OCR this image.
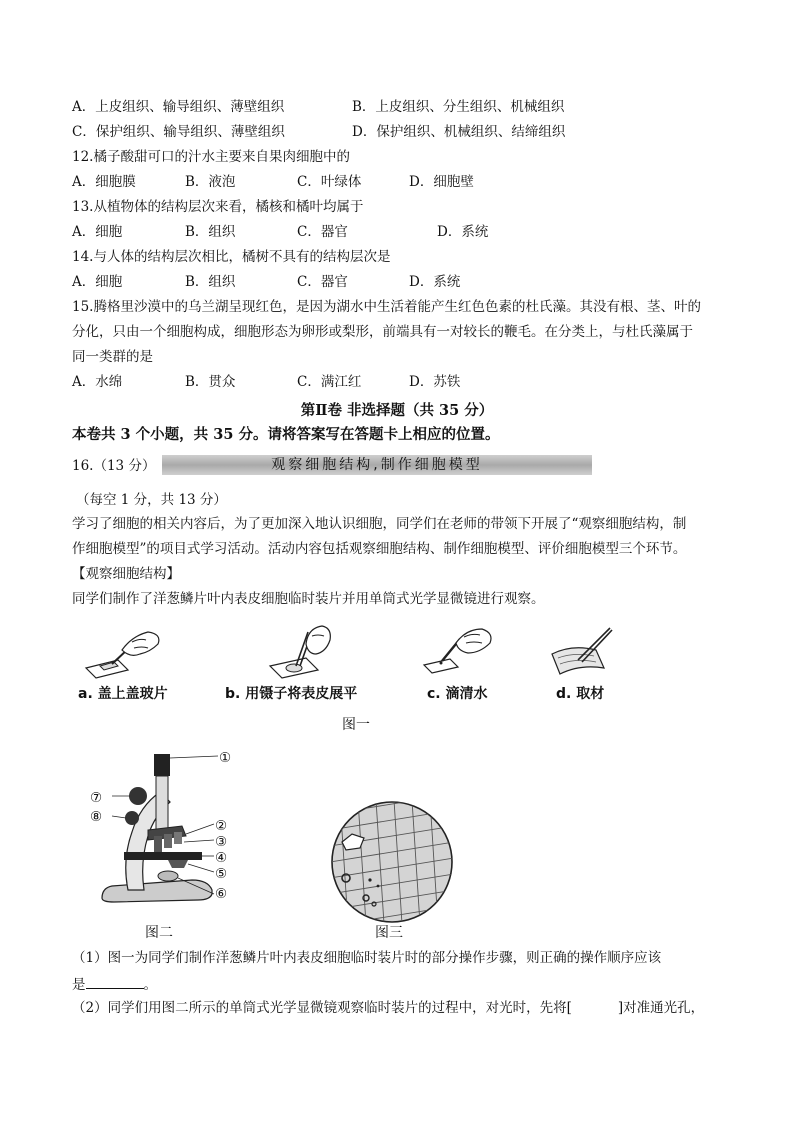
A．上皮组织、输导组织、薄壁组织	B．上皮组织、分生组织、机械组织
C．保护组织、输导组织、薄壁组织	D．保护组织、机械组织、结缔组织
12.橘子酸甜可口的汁水主要来自果肉细胞中的
A．细胞膜	B．液泡	C．叶绿体	D．细胞壁
13.从植物体的结构层次来看，橘核和橘叶均属于
A．细胞	B．组织	C．器官	D．系统
14.与人体的结构层次相比，橘树不具有的结构层次是
A．细胞	B．组织	C．器官	D．系统
15.腾格里沙漠中的乌兰湖呈现红色，是因为湖水中生活着能产生红色色素的杜氏藻。其没有根、茎、叶的
分化，只由一个细胞构成，细胞形态为卵形或梨形，前端具有一对较长的鞭毛。在分类上，与杜氏藻属于
同一类群的是
A．水绵	B．贯众	C．满江红	D．苏铁
第Ⅱ卷 非选择题（共 35 分）
本卷共 3 个小题，共 35 分。请将答案写在答题卡上相应的位置。
16.（13 分）	观察细胞结构,制作细胞模型
（每空 1 分，共 13 分）
学习了细胞的相关内容后，为了更加深入地认识细胞，同学们在老师的带领下开展了“观察细胞结构，制
作细胞模型”的项目式学习活动。活动内容包括观察细胞结构、制作细胞模型、评价细胞模型三个环节。
【观察细胞结构】
同学们制作了洋葱鳞片叶内表皮细胞临时装片并用单筒式光学显微镜进行观察。
a. 盖上盖玻片	b. 用镊子将表皮展平	c. 滴清水	d. 取材
图一
①
②
③
④
⑤
⑥
⑦
⑧
图二	图三
（1）图一为同学们制作洋葱鳞片叶内表皮细胞临时装片时的部分操作步骤，则正确的操作顺序应该
是	。
（2）同学们用图二所示的单筒式光学显微镜观察临时装片的过程中，对光时，先将[	]对准通光孔，
